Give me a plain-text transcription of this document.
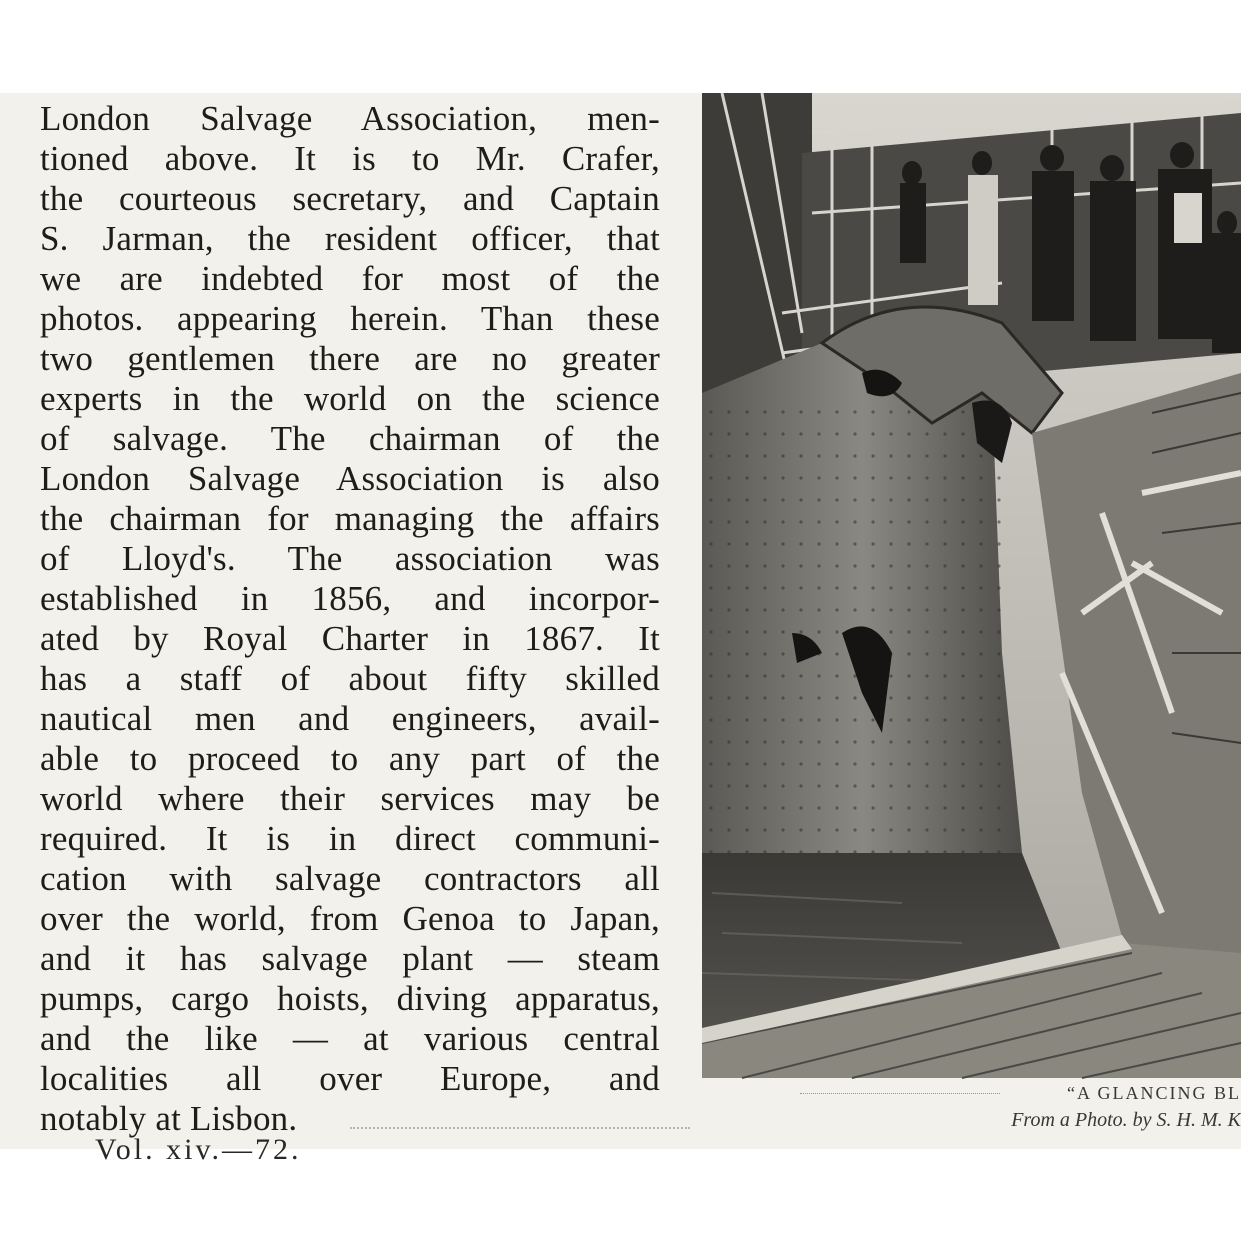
London Salvage Association, men-
tioned above. It is to Mr. Crafer,
the courteous secretary, and Captain
S. Jarman, the resident officer, that
we are indebted for most of the
photos. appearing herein. Than these
two gentlemen there are no greater
experts in the world on the science
of salvage. The chairman of the
London Salvage Association is also
the chairman for managing the affairs
of Lloyd's. The association was
established in 1856, and incorpor-
ated by Royal Charter in 1867. It
has a staff of about fifty skilled
nautical men and engineers, avail-
able to proceed to any part of the
world where their services may be
required. It is in direct communi-
cation with salvage contractors all
over the world, from Genoa to Japan,
and it has salvage plant — steam
pumps, cargo hoists, diving apparatus,
and the like — at various central
localities all over Europe, and
notably at Lisbon.
Vol. xiv.—72.
“A GLANCING BL
From a Photo. by S. H. M. K
